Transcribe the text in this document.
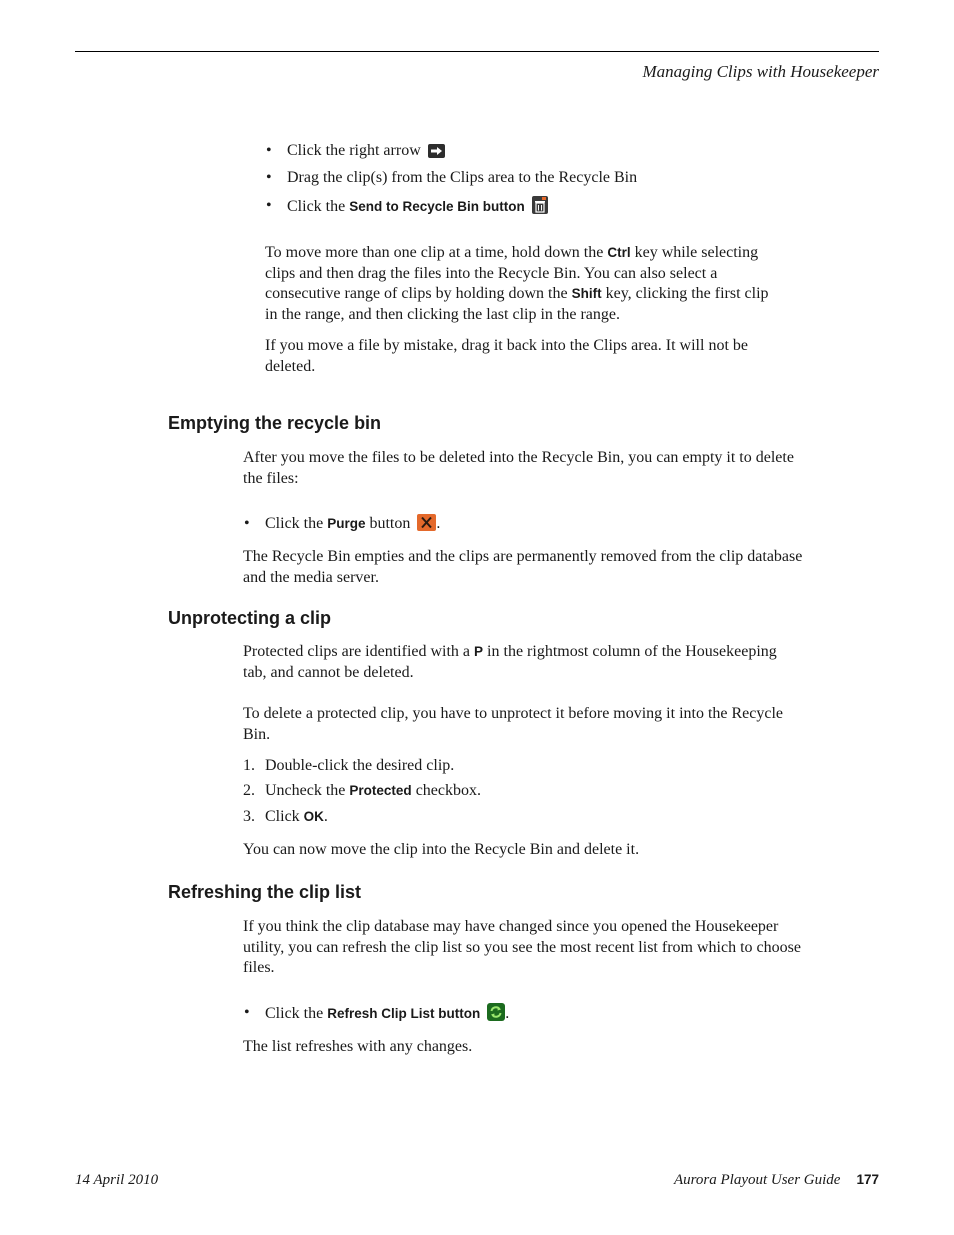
Managing Clips with Housekeeper
• Click the right arrow
• Drag the clip(s) from the Clips area to the Recycle Bin
• Click the Send to Recycle Bin button
To move more than one clip at a time, hold down the Ctrl key while selecting
clips and then drag the files into the Recycle Bin. You can also select a
consecutive range of clips by holding down the Shift key, clicking the first clip
in the range, and then clicking the last clip in the range.
If you move a file by mistake, drag it back into the Clips area. It will not be
deleted.
Emptying the recycle bin
After you move the files to be deleted into the Recycle Bin, you can empty it to delete
the files:
• Click the Purge button .
The Recycle Bin empties and the clips are permanently removed from the clip database
and the media server.
Unprotecting a clip
Protected clips are identified with a P in the rightmost column of the Housekeeping
tab, and cannot be deleted.
To delete a protected clip, you have to unprotect it before moving it into the Recycle
Bin.
1. Double-click the desired clip.
2. Uncheck the Protected checkbox.
3. Click OK.
You can now move the clip into the Recycle Bin and delete it.
Refreshing the clip list
If you think the clip database may have changed since you opened the Housekeeper
utility, you can refresh the clip list so you see the most recent list from which to choose
files.
• Click the Refresh Clip List button .
The list refreshes with any changes.
14 April 2010	Aurora Playout User Guide 177
